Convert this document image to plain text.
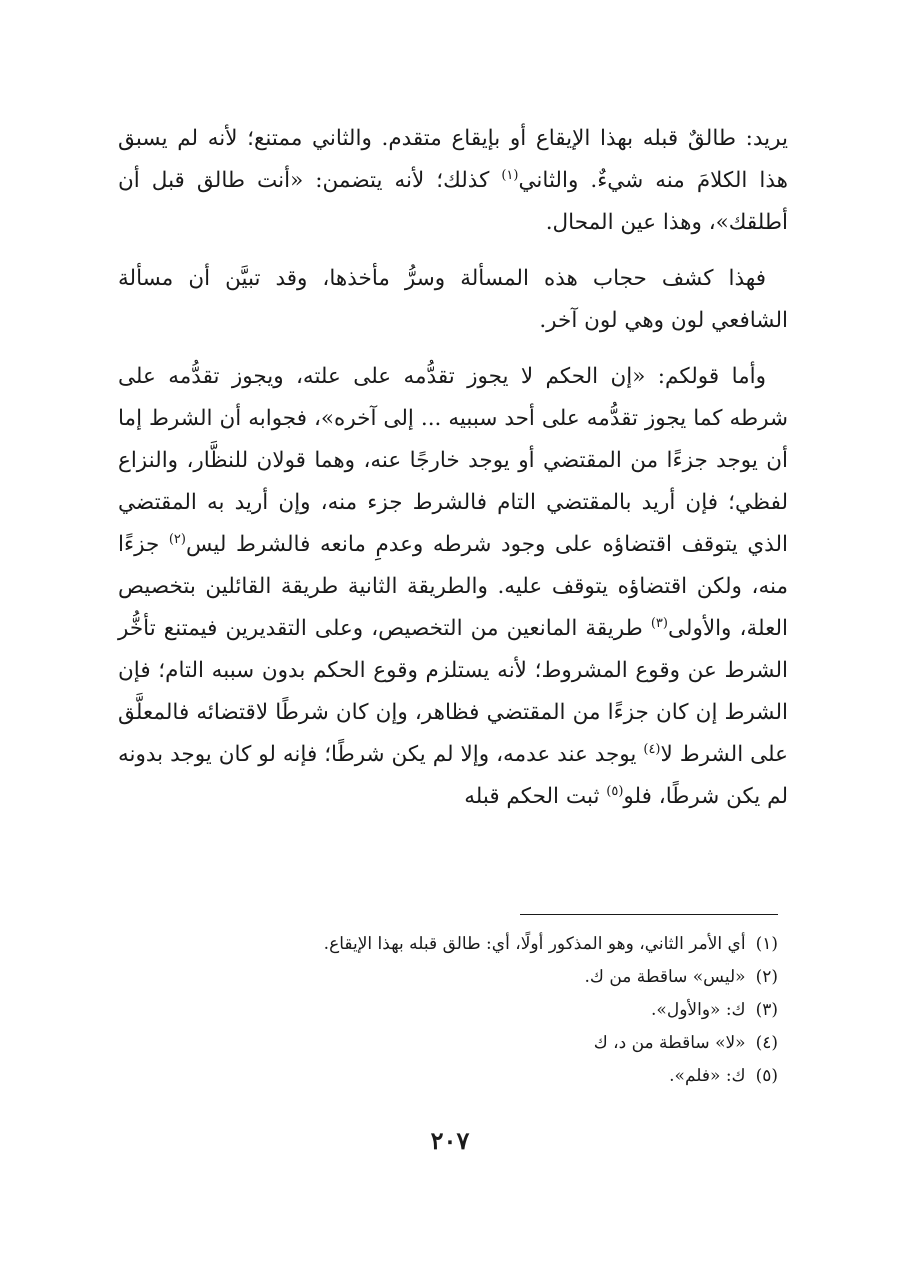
يريد: طالقٌ قبله بهذا الإيقاع أو بإيقاع متقدم. والثاني ممتنع؛ لأنه لم يسبق هذا الكلامَ منه شيءٌ. والثاني$^{(١)}$ كذلك؛ لأنه يتضمن: «أنت طالق قبل أن أطلقك»، وهذا عين المحال.

فهذا كشف حجاب هذه المسألة وسرُّ مأخذها، وقد تبيَّن أن مسألة الشافعي لون وهي لون آخر.

وأما قولكم: «إن الحكم لا يجوز تقدُّمه على علته، ويجوز تقدُّمه على شرطه كما يجوز تقدُّمه على أحد سببيه ... إلى آخره»، فجوابه أن الشرط إما أن يوجد جزءًا من المقتضي أو يوجد خارجًا عنه، وهما قولان للنظَّار، والنزاع لفظي؛ فإن أريد بالمقتضي التام فالشرط جزء منه، وإن أريد به المقتضي الذي يتوقف اقتضاؤه على وجود شرطه وعدمِ مانعه فالشرط ليس$^{(٢)}$ جزءًا منه، ولكن اقتضاؤه يتوقف عليه. والطريقة الثانية طريقة القائلين بتخصيص العلة، والأولى$^{(٣)}$ طريقة المانعين من التخصيص، وعلى التقديرين فيمتنع تأخُّر الشرط عن وقوع المشروط؛ لأنه يستلزم وقوع الحكم بدون سببه التام؛ فإن الشرط إن كان جزءًا من المقتضي فظاهر، وإن كان شرطًا لاقتضائه فالمعلَّق على الشرط لا$^{(٤)}$ يوجد عند عدمه، وإلا لم يكن شرطًا؛ فإنه لو كان يوجد بدونه لم يكن شرطًا، فلو$^{(٥)}$ ثبت الحكم قبله

(١)أي الأمر الثاني، وهو المذكور أولًا، أي: طالق قبله بهذا الإيقاع.
(٢)«ليس» ساقطة من ك.
(٣)ك: «والأول».
(٤)«لا» ساقطة من د، ك
(٥)ك: «فلم».
٢٠٧
